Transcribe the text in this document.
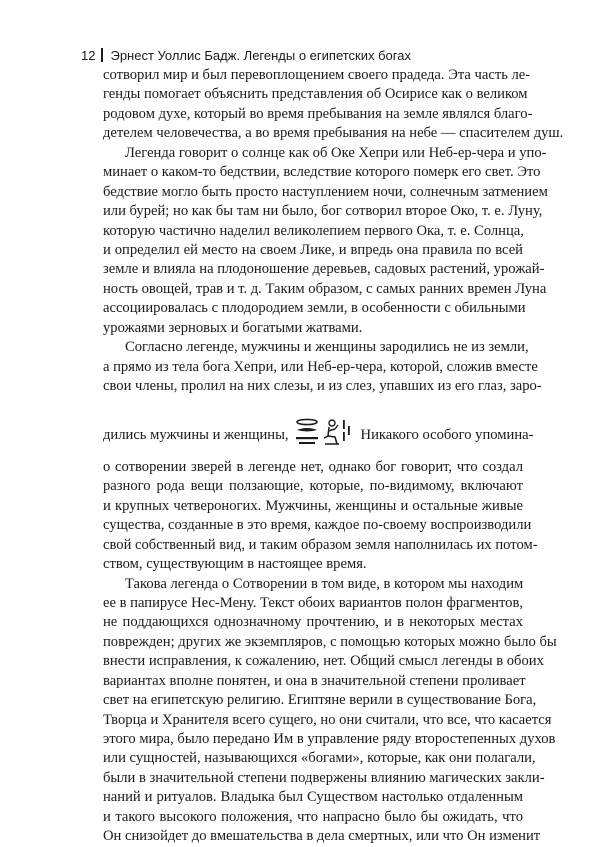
12 Эрнест Уоллис Бадж. Легенды о египетских богах
сотворил мир и был перевоплощением своего прадеда. Эта часть ле-
генды помогает объяснить представления об Осирисе как о великом
родовом духе, который во время пребывания на земле являлся благо-
детелем человечества, а во время пребывания на небе — спасителем душ.
Легенда говорит о солнце как об Оке Хепри или Неб-ер-чера и упо-
минает о каком-то бедствии, вследствие которого померк его свет. Это
бедствие могло быть просто наступлением ночи, солнечным затмением
или бурей; но как бы там ни было, бог сотворил второе Око, т. е. Луну,
которую частично наделил великолепием первого Ока, т. е. Солнца,
и определил ей место на своем Лике, и впредь она правила по всей
земле и влияла на плодоношение деревьев, садовых растений, урожай-
ность овощей, трав и т. д. Таким образом, с самых ранних времен Луна
ассоциировалась с плодородием земли, в особенности с обильными
урожаями зерновых и богатыми жатвами.
Согласно легенде, мужчины и женщины зародились не из земли,
а прямо из тела бога Хепри, или Неб-ер-чера, которой, сложив вместе
свои члены, пролил на них слезы, и из слез, упавших из его глаз, заро-
дились мужчины и женщины,	Никакого особого упомина-
о сотворении зверей в легенде нет, однако бог говорит, что создал
разного рода вещи ползающие, которые, по-видимому, включают
и крупных четвероногих. Мужчины, женщины и остальные живые
существа, созданные в это время, каждое по-своему воспроизводили
свой собственный вид, и таким образом земля наполнилась их потом-
ством, существующим в настоящее время.
Такова легенда о Сотворении в том виде, в котором мы находим
ее в папирусе Нес-Мену. Текст обоих вариантов полон фрагментов,
не поддающихся однозначному прочтению, и в некоторых местах
поврежден; других же экземпляров, с помощью которых можно было бы
внести исправления, к сожалению, нет. Общий смысл легенды в обоих
вариантах вполне понятен, и она в значительной степени проливает
свет на египетскую религию. Египтяне верили в существование Бога,
Творца и Хранителя всего сущего, но они считали, что все, что касается
этого мира, было передано Им в управление ряду второстепенных духов
или сущностей, называющихся «богами», которые, как они полагали,
были в значительной степени подвержены влиянию магических закли-
наний и ритуалов. Владыка был Существом настолько отдаленным
и такого высокого положения, что напрасно было бы ожидать, что
Он снизойдет до вмешательства в дела смертных, или что Он изменит
